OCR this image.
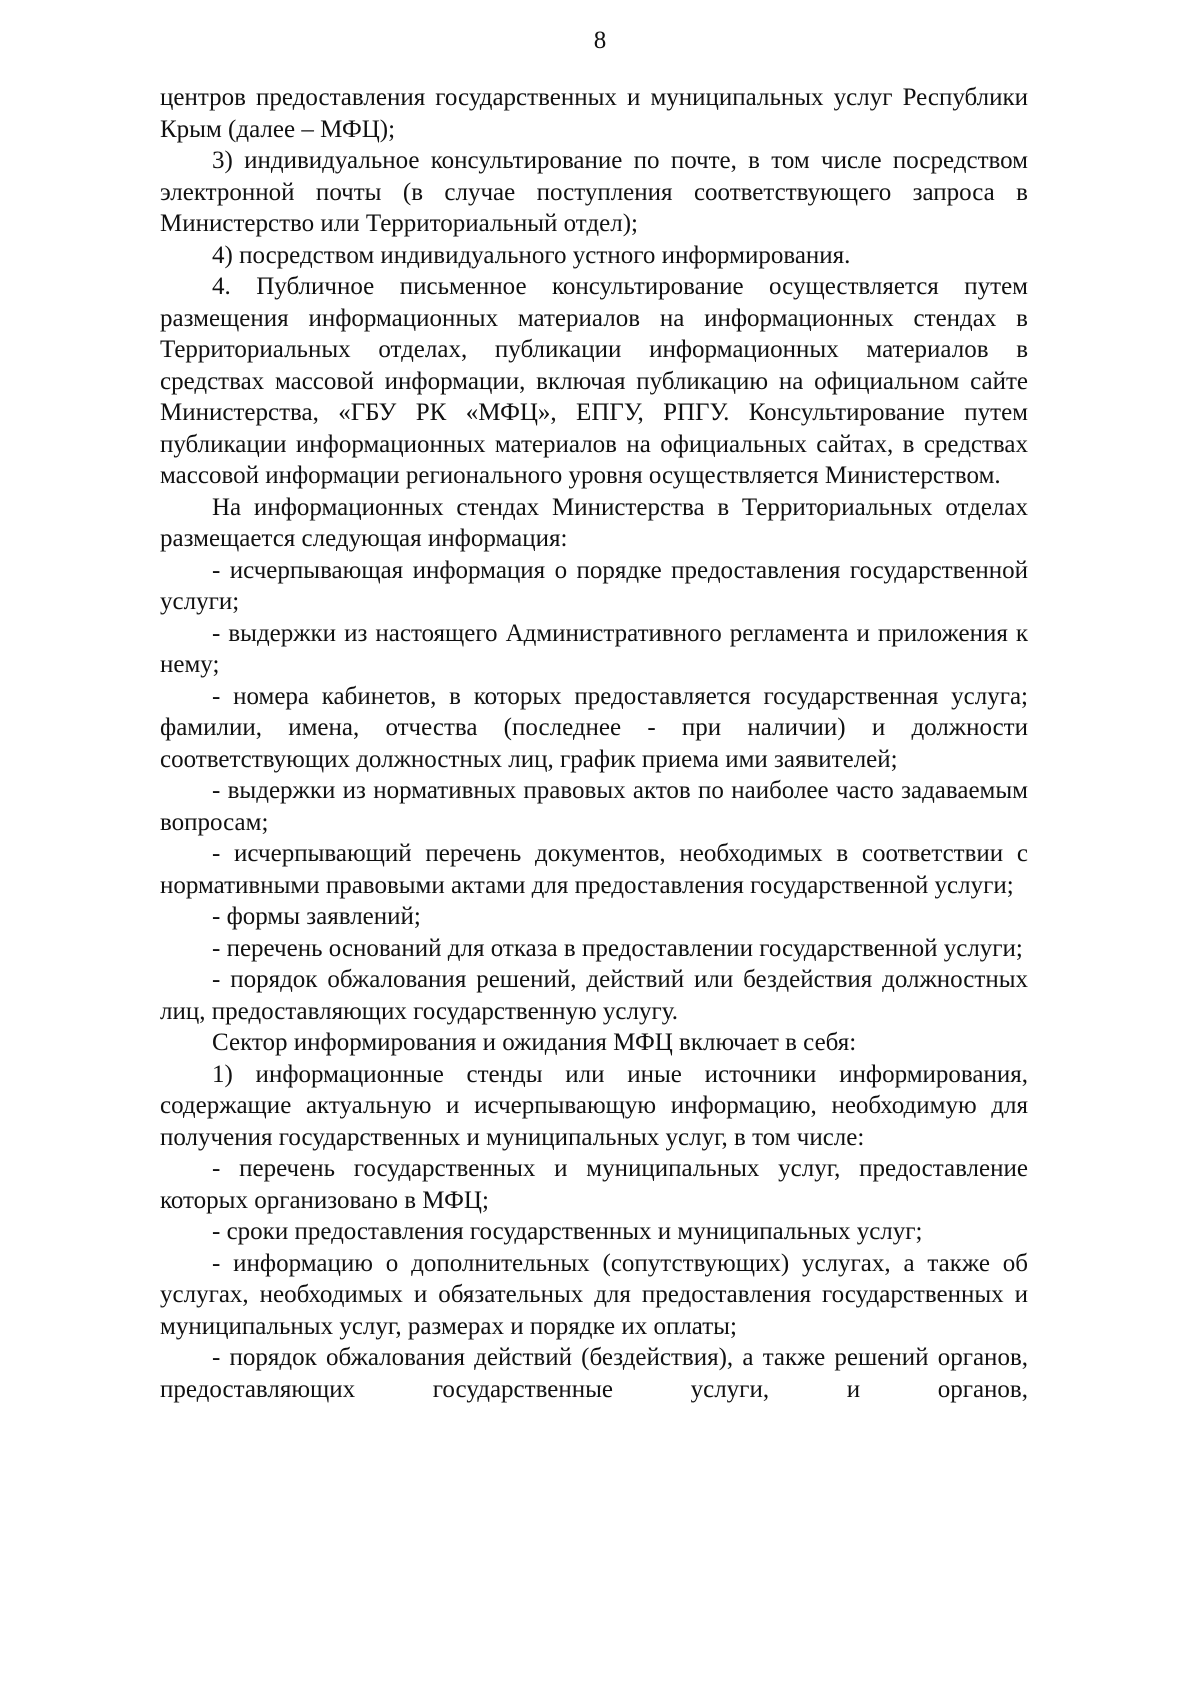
8

центров предоставления государственных и муниципальных услуг Республики Крым (далее – МФЦ);

3) индивидуальное консультирование по почте, в том числе посредством электронной почты (в случае поступления соответствующего запроса в Министерство или Территориальный отдел);

4) посредством индивидуального устного информирования.

4. Публичное письменное консультирование осуществляется путем размещения информационных материалов на информационных стендах в Территориальных отделах, публикации информационных материалов в средствах массовой информации, включая публикацию на официальном сайте Министерства, «ГБУ РК «МФЦ», ЕПГУ, РПГУ. Консультирование путем публикации информационных материалов на официальных сайтах, в средствах массовой информации регионального уровня осуществляется Министерством.

На информационных стендах Министерства в Территориальных отделах размещается следующая информация:

- исчерпывающая информация о порядке предоставления государственной услуги;

- выдержки из настоящего Административного регламента и приложения к нему;

- номера кабинетов, в которых предоставляется государственная услуга; фамилии, имена, отчества (последнее - при наличии) и должности соответствующих должностных лиц, график приема ими заявителей;

- выдержки из нормативных правовых актов по наиболее часто задаваемым вопросам;

- исчерпывающий перечень документов, необходимых в соответствии с нормативными правовыми актами для предоставления государственной услуги;

- формы заявлений;

- перечень оснований для отказа в предоставлении государственной услуги;

- порядок обжалования решений, действий или бездействия должностных лиц, предоставляющих государственную услугу.

Сектор информирования и ожидания МФЦ включает в себя:

1) информационные стенды или иные источники информирования, содержащие актуальную и исчерпывающую информацию, необходимую для получения государственных и муниципальных услуг, в том числе:

- перечень государственных и муниципальных услуг, предоставление которых организовано в МФЦ;

- сроки предоставления государственных и муниципальных услуг;

- информацию о дополнительных (сопутствующих) услугах, а также об услугах, необходимых и обязательных для предоставления государственных и муниципальных услуг, размерах и порядке их оплаты;

- порядок обжалования действий (бездействия), а также решений органов, предоставляющих государственные услуги, и органов,
